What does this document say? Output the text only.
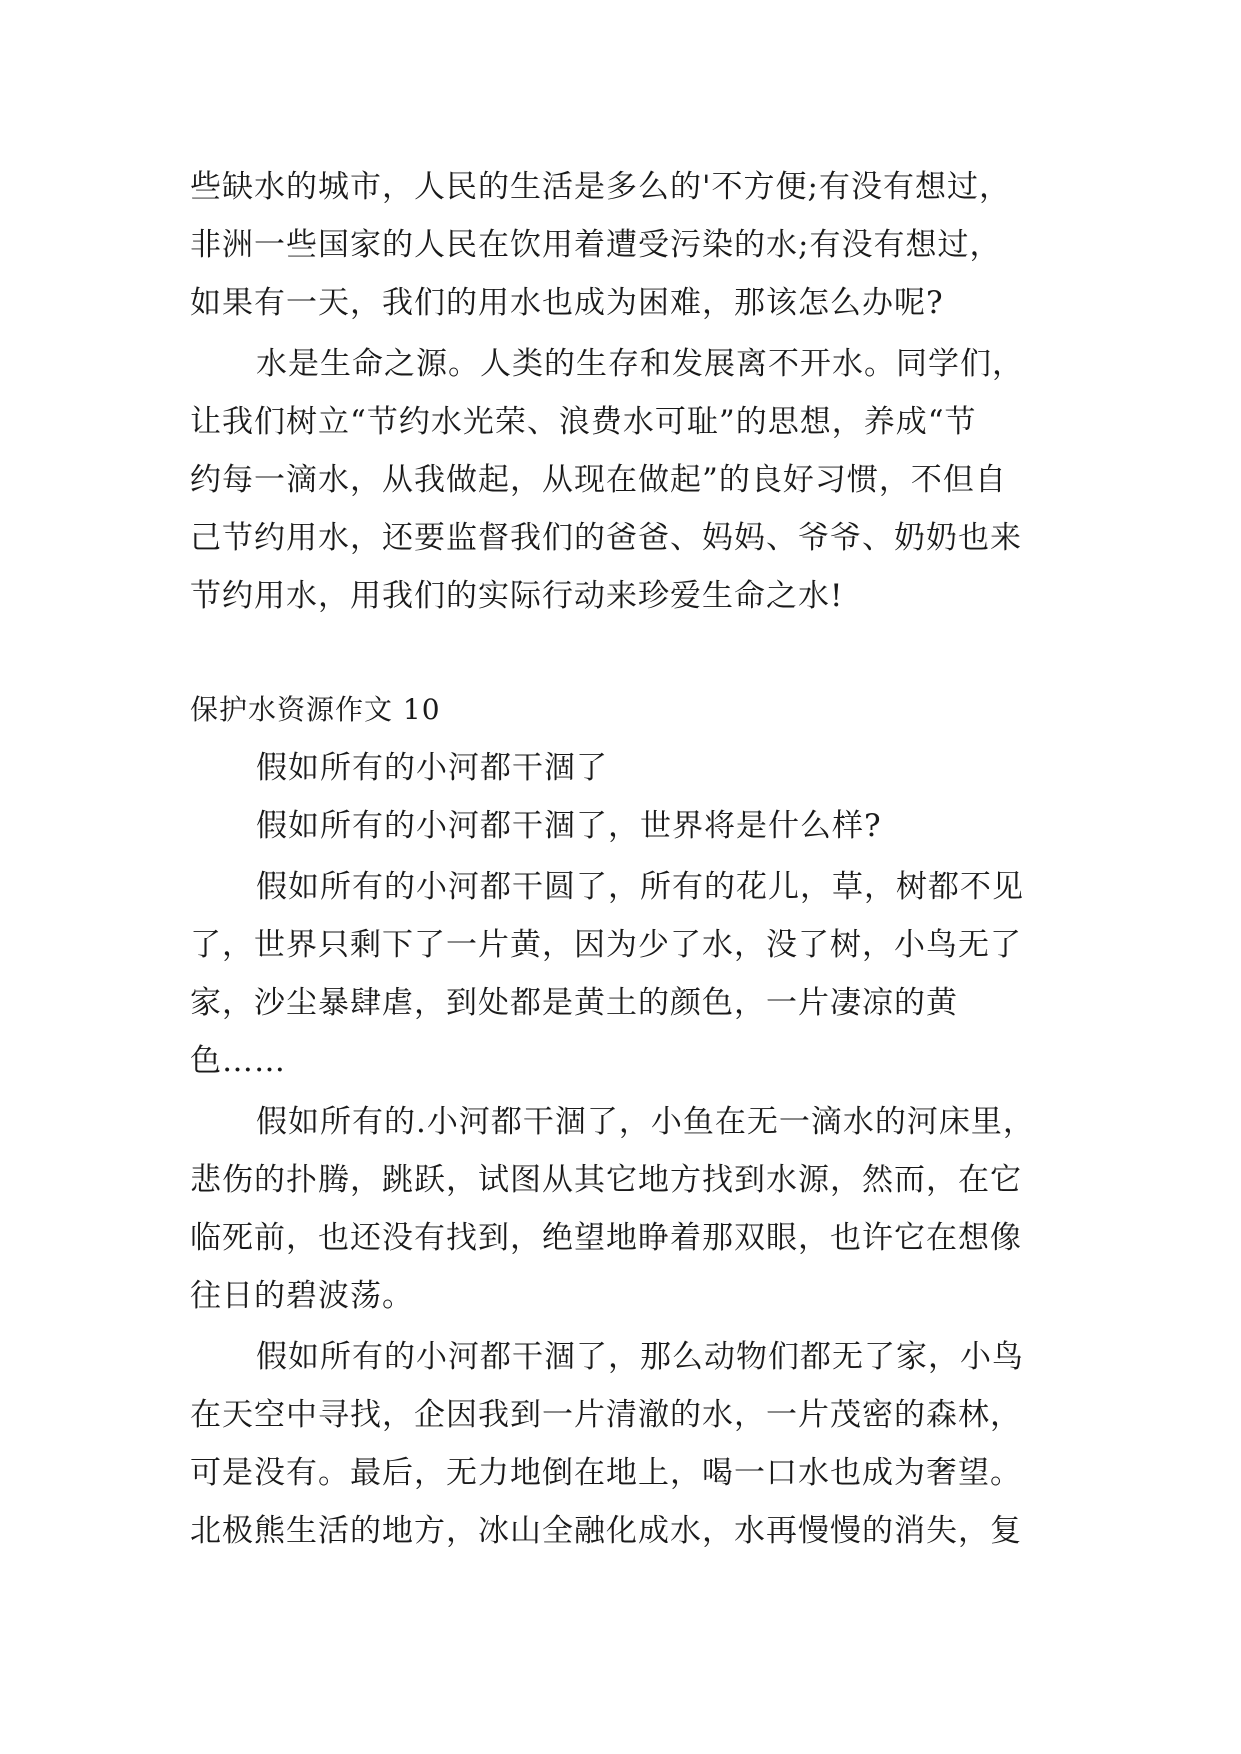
些缺水的城市，人民的生活是多么的'不方便;有没有想过，
非洲一些国家的人民在饮用着遭受污染的水;有没有想过，
如果有一天，我们的用水也成为困难，那该怎么办呢?
水是生命之源。人类的生存和发展离不开水。同学们，
让我们树立“节约水光荣、浪费水可耻”的思想，养成“节
约每一滴水，从我做起，从现在做起”的良好习惯，不但自
己节约用水，还要监督我们的爸爸、妈妈、爷爷、奶奶也来
节约用水，用我们的实际行动来珍爱生命之水!
保护水资源作文 10
假如所有的小河都干涸了
假如所有的小河都干涸了，世界将是什么样?
假如所有的小河都干圆了，所有的花儿，草，树都不见
了，世界只剩下了一片黄，因为少了水，没了树，小鸟无了
家，沙尘暴肆虐，到处都是黄土的颜色，一片凄凉的黄
色……
假如所有的.小河都干涸了，小鱼在无一滴水的河床里，
悲伤的扑腾，跳跃，试图从其它地方找到水源，然而，在它
临死前，也还没有找到，绝望地睁着那双眼，也许它在想像
往日的碧波荡。
假如所有的小河都干涸了，那么动物们都无了家，小鸟
在天空中寻找，企因我到一片清澈的水，一片茂密的森林，
可是没有。最后，无力地倒在地上，喝一口水也成为奢望。
北极熊生活的地方，冰山全融化成水，水再慢慢的消失，复
